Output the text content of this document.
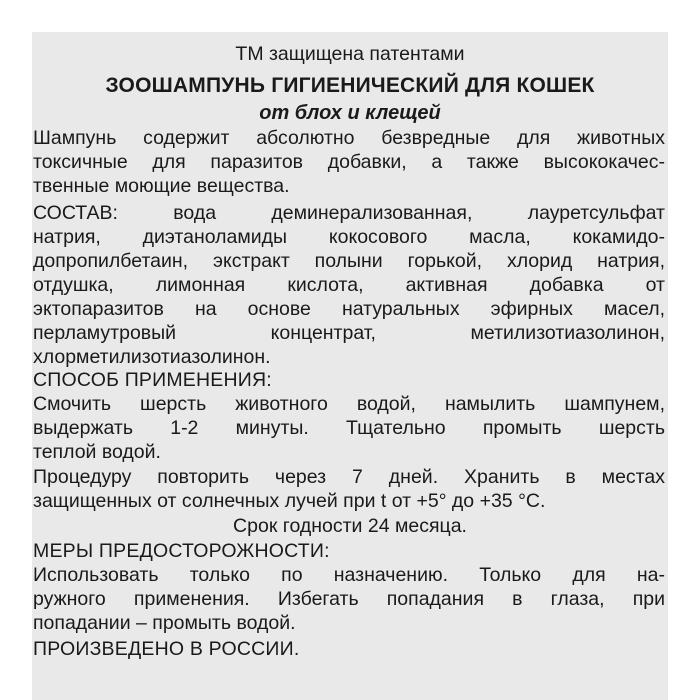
ТМ защищена патентами
ЗООШАМПУНЬ ГИГИЕНИЧЕСКИЙ ДЛЯ КОШЕК
от блох и клещей
Шампунь содержит абсолютно безвредные для животных
токсичные для паразитов добавки, а также высококачес-
твенные моющие вещества.
СОСТАВ: вода деминерализованная, лауретсульфат
натрия, диэтаноламиды кокосового масла, кокамидо-
допропилбетаин, экстракт полыни горькой, хлорид натрия,
отдушка, лимонная кислота, активная добавка от
эктопаразитов на основе натуральных эфирных масел,
перламутровый концентрат, метилизотиазолинон,
хлорметилизотиазолинон.
СПОСОБ ПРИМЕНЕНИЯ:
Смочить шерсть животного водой, намылить шампунем,
выдержать 1-2 минуты. Тщательно промыть шерсть
теплой водой.
Процедуру повторить через 7 дней. Хранить в местах
защищенных от солнечных лучей при t от +5° до +35 °С.
Срок годности 24 месяца.
МЕРЫ ПРЕДОСТОРОЖНОСТИ:
Использовать только по назначению. Только для на-
ружного применения. Избегать попадания в глаза, при
попадании – промыть водой.
ПРОИЗВЕДЕНО В РОССИИ.
